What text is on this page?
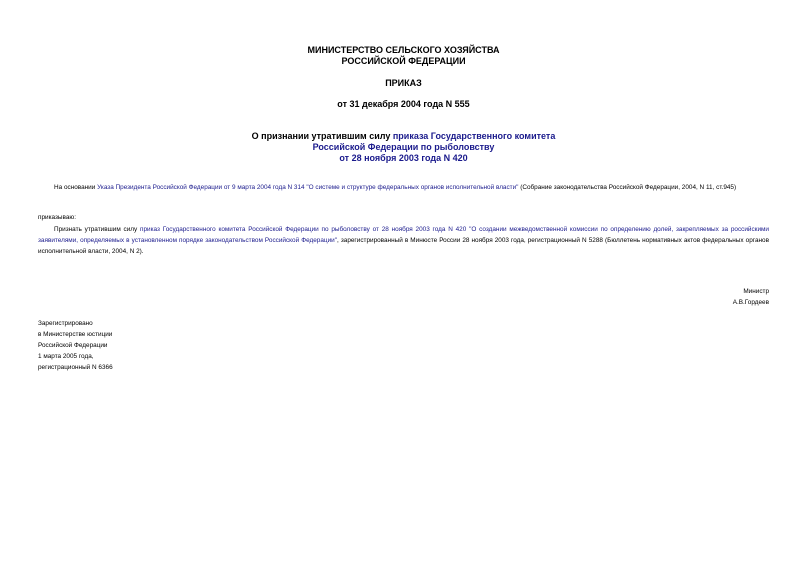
МИНИСТЕРСТВО СЕЛЬСКОГО ХОЗЯЙСТВА

РОССИЙСКОЙ ФЕДЕРАЦИИ

ПРИКАЗ

от 31 декабря 2004 года N 555

О признании утратившим силу приказа Государственного комитета

Российской Федерации по рыболовству

от 28 ноября 2003 года N 420

На основании Указа Президента Российской Федерации от 9 марта 2004 года N 314 "О системе и структуре федеральных органов исполнительной власти" (Собрание законодательства Российской Федерации, 2004, N 11, ст.945)
приказываю:
Признать утратившим силу приказ Государственного комитета Российской Федерации по рыболовству от 28 ноября 2003 года N 420 "О создании межведомственной комиссии по определению долей, закрепляемых за российскими заявителями, определяемых в установленном порядке законодательством Российской Федерации", зарегистрированный в Минюсте России 28 ноября 2003 года, регистрационный N 5288 (Бюллетень нормативных актов федеральных органов исполнительной власти, 2004, N 2).

Министр

А.В.Гордеев

Зарегистрировано

в Министерстве юстиции

Российской Федерации

1 марта 2005 года,

регистрационный N 6366
